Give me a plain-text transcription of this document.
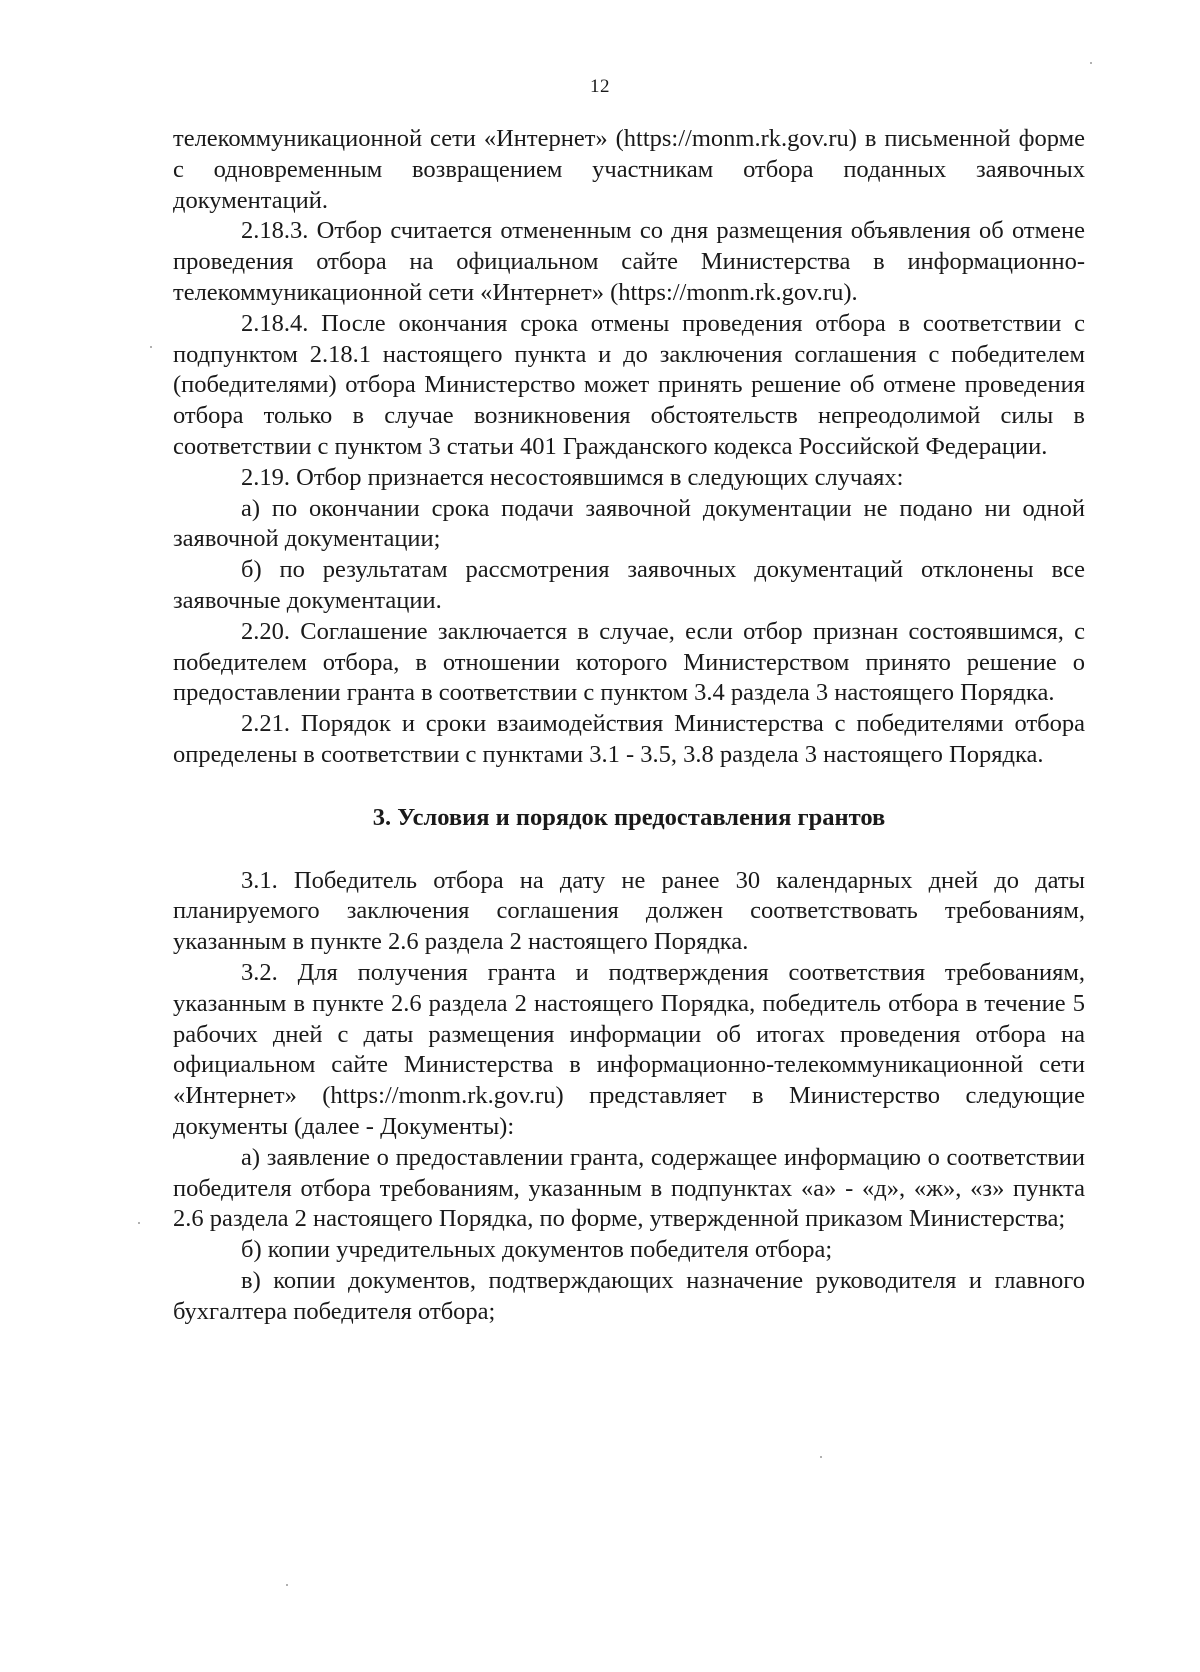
12

телекоммуникационной сети «Интернет» (https://monm.rk.gov.ru) в письменной форме с одновременным возвращением участникам отбора поданных заявочных документаций.

2.18.3. Отбор считается отмененным со дня размещения объявления об отмене проведения отбора на официальном сайте Министерства в информационно-телекоммуникационной сети «Интернет» (https://monm.rk.gov.ru).

2.18.4. После окончания срока отмены проведения отбора в соответствии с подпунктом 2.18.1 настоящего пункта и до заключения соглашения с победителем (победителями) отбора Министерство может принять решение об отмене проведения отбора только в случае возникновения обстоятельств непреодолимой силы в соответствии с пунктом 3 статьи 401 Гражданского кодекса Российской Федерации.

2.19. Отбор признается несостоявшимся в следующих случаях:

а) по окончании срока подачи заявочной документации не подано ни одной заявочной документации;

б) по результатам рассмотрения заявочных документаций отклонены все заявочные документации.

2.20. Соглашение заключается в случае, если отбор признан состоявшимся, с победителем отбора, в отношении которого Министерством принято решение о предоставлении гранта в соответствии с пунктом 3.4 раздела 3 настоящего Порядка.

2.21. Порядок и сроки взаимодействия Министерства с победителями отбора определены в соответствии с пунктами 3.1 - 3.5, 3.8 раздела 3 настоящего Порядка.

3. Условия и порядок предоставления грантов

3.1. Победитель отбора на дату не ранее 30 календарных дней до даты планируемого заключения соглашения должен соответствовать требованиям, указанным в пункте 2.6 раздела 2 настоящего Порядка.

3.2. Для получения гранта и подтверждения соответствия требованиям, указанным в пункте 2.6 раздела 2 настоящего Порядка, победитель отбора в течение 5 рабочих дней с даты размещения информации об итогах проведения отбора на официальном сайте Министерства в информационно-телекоммуникационной сети «Интернет» (https://monm.rk.gov.ru) представляет в Министерство следующие документы (далее - Документы):

а) заявление о предоставлении гранта, содержащее информацию о соответствии победителя отбора требованиям, указанным в подпунктах «а» - «д», «ж», «з» пункта 2.6 раздела 2 настоящего Порядка, по форме, утвержденной приказом Министерства;

б) копии учредительных документов победителя отбора;

в) копии документов, подтверждающих назначение руководителя и главного бухгалтера победителя отбора;
